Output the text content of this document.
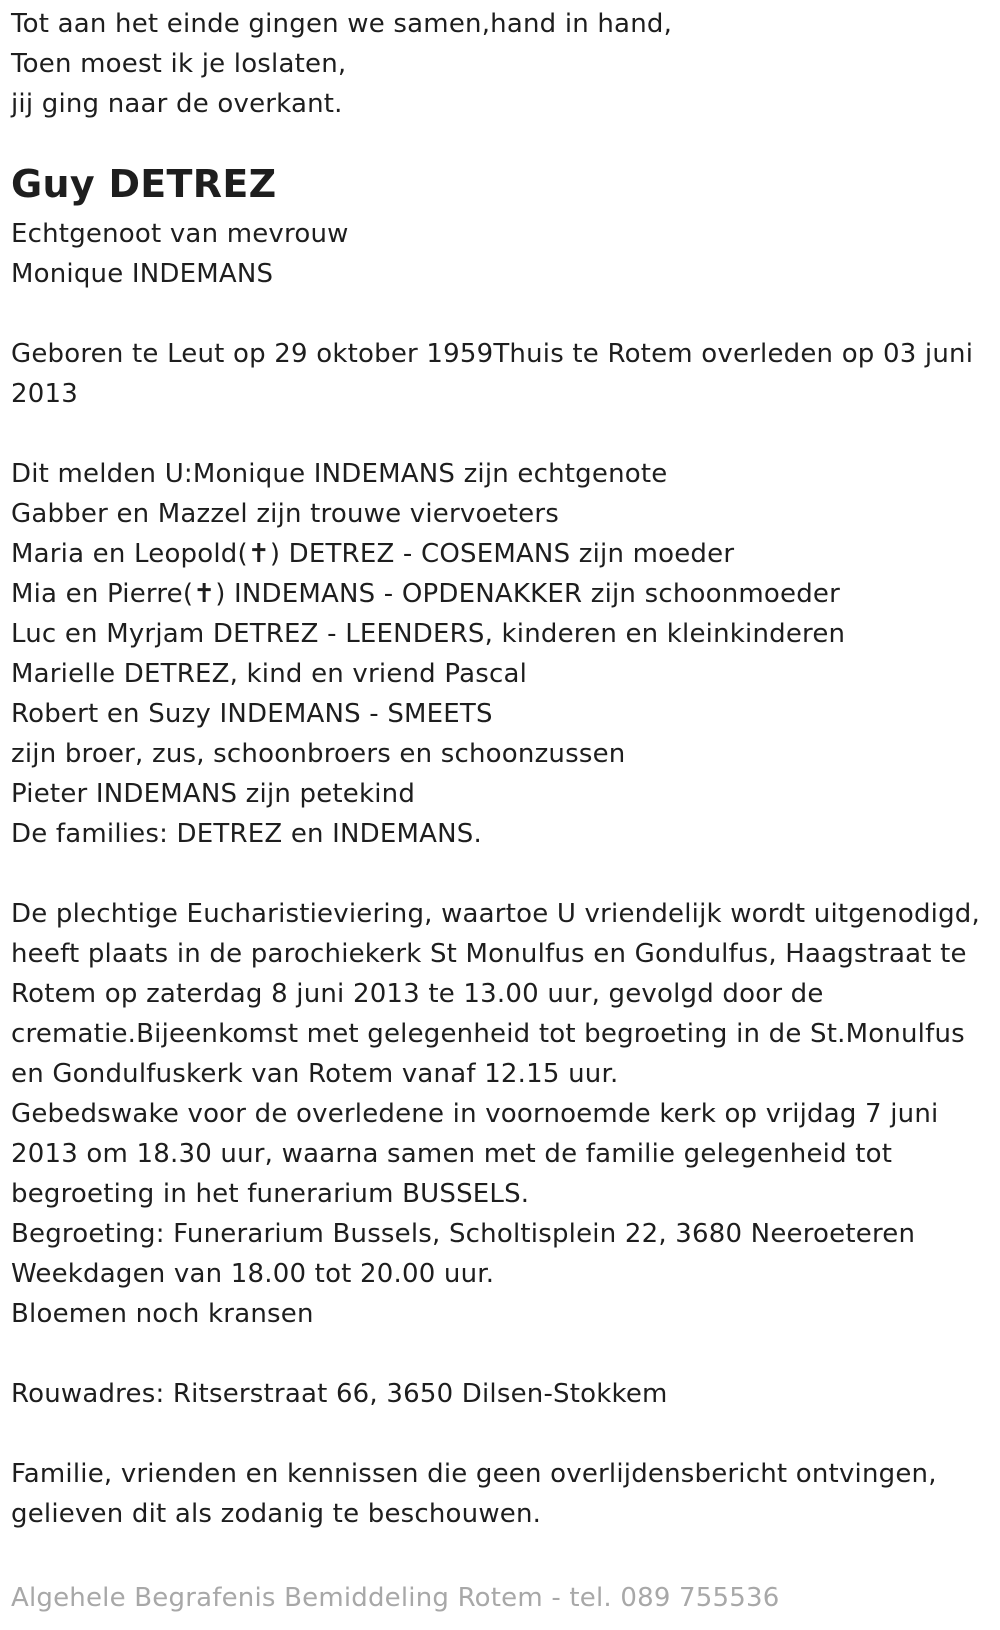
Tot aan het einde gingen we samen,hand in hand,
Toen moest ik je loslaten,
jij ging naar de overkant.
Guy DETREZ
Echtgenoot van mevrouw
Monique INDEMANS
Geboren te Leut op 29 oktober 1959Thuis te Rotem overleden op 03 juni 2013
Dit melden U:Monique INDEMANS zijn echtgenote
Gabber en Mazzel zijn trouwe viervoeters
Maria en Leopold(✝) DETREZ - COSEMANS zijn moeder
Mia en Pierre(✝) INDEMANS - OPDENAKKER zijn schoonmoeder
Luc en Myrjam DETREZ - LEENDERS, kinderen en kleinkinderen
Marielle DETREZ, kind en vriend Pascal
Robert en Suzy INDEMANS - SMEETS
zijn broer, zus, schoonbroers en schoonzussen
Pieter INDEMANS zijn petekind
De families: DETREZ en INDEMANS.
De plechtige Eucharistieviering, waartoe U vriendelijk wordt uitgenodigd, heeft plaats in de parochiekerk St Monulfus en Gondulfus, Haagstraat te Rotem op zaterdag 8 juni 2013 te 13.00 uur, gevolgd door de crematie.Bijeenkomst met gelegenheid tot begroeting in de St.Monulfus en Gondulfuskerk van Rotem vanaf 12.15 uur.
Gebedswake voor de overledene in voornoemde kerk op vrijdag 7 juni 2013 om 18.30 uur, waarna samen met de familie gelegenheid tot begroeting in het funerarium BUSSELS.
Begroeting: Funerarium Bussels, Scholtisplein 22, 3680 Neeroeteren
Weekdagen van 18.00 tot 20.00 uur.
Bloemen noch kransen
Rouwadres: Ritserstraat 66, 3650 Dilsen-Stokkem
Familie, vrienden en kennissen die geen overlijdensbericht ontvingen, gelieven dit als zodanig te beschouwen.
Algehele Begrafenis Bemiddeling Rotem - tel. 089 755536
